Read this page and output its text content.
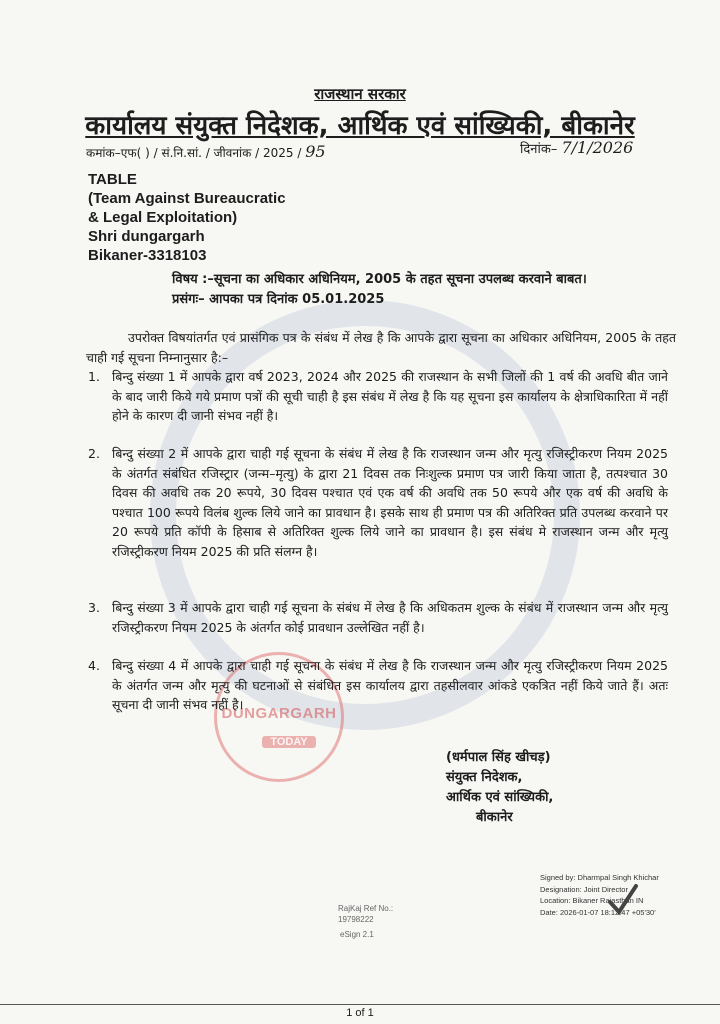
DUNGARGARH
TODAY
राजस्थान सरकार
कार्यालय संयुक्त निदेशक, आर्थिक एवं सांख्यिकी, बीकानेर
कमांक–एफ( ) / सं.नि.सां. / जीवनांक / 2025 / 95	दिनांक– 7/1/2026
TABLE
(Team Against Bureaucratic
& Legal Exploitation)
Shri dungargarh
Bikaner-3318103
विषय :–सूचना का अधिकार अधिनियम, 2005 के तहत सूचना उपलब्ध करवाने बाबत।
प्रसंगः– आपका पत्र दिनांक 05.01.2025
उपरोक्त विषयांतर्गत एवं प्रासंगिक पत्र के संबंध में लेख है कि आपके द्वारा सूचना का अधिकार अधिनियम, 2005 के तहत चाही गई सूचना निम्नानुसार है:–
1. बिन्दु संख्या 1 में आपके द्वारा वर्ष 2023, 2024 और 2025 की राजस्थान के सभी जिलों की 1 वर्ष की अवधि बीत जाने के बाद जारी किये गये प्रमाण पत्रों की सूची चाही है इस संबंध में लेख है कि यह सूचना इस कार्यालय के क्षेत्राधिकारिता में नहीं होने के कारण दी जानी संभव नहीं है।
2. बिन्दु संख्या 2 में आपके द्वारा चाही गई सूचना के संबंध में लेख है कि राजस्थान जन्म और मृत्यु रजिस्ट्रीकरण नियम 2025 के अंतर्गत संबंधित रजिस्ट्रार (जन्म–मृत्यु) के द्वारा 21 दिवस तक निःशुल्क प्रमाण पत्र जारी किया जाता है, तत्पश्चात 30 दिवस की अवधि तक 20 रूपये, 30 दिवस पश्चात एवं एक वर्ष की अवधि तक 50 रूपये और एक वर्ष की अवधि के पश्चात 100 रूपये विलंब शुल्क लिये जाने का प्रावधान है। इसके साथ ही प्रमाण पत्र की अतिरिक्त प्रति उपलब्ध करवाने पर 20 रूपये प्रति कॉपी के हिसाब से अतिरिक्त शुल्क लिये जाने का प्रावधान है। इस संबंध मे राजस्थान जन्म और मृत्यु रजिस्ट्रीकरण नियम 2025 की प्रति संलग्न है।
3. बिन्दु संख्या 3 में आपके द्वारा चाही गई सूचना के संबंध में लेख है कि अधिकतम शुल्क के संबंध में राजस्थान जन्म और मृत्यु रजिस्ट्रीकरण नियम 2025 के अंतर्गत कोई प्रावधान उल्लेखित नहीं है।
4. बिन्दु संख्या 4 में आपके द्वारा चाही गई सूचना के संबंध में लेख है कि राजस्थान जन्म और मृत्यु रजिस्ट्रीकरण नियम 2025 के अंतर्गत जन्म और मृत्यु की घटनाओं से संबंधित इस कार्यालय द्वारा तहसीलवार आंकडे एकत्रित नहीं किये जाते हैं। अतः सूचना दी जानी संभव नहीं है।
(धर्मपाल सिंह खीचड़)
संयुक्त निदेशक,
आर्थिक एवं सांख्यिकी,
बीकानेर
Signed by: Dharmpal Singh Khichar
Designation: Joint Director
Location: Bikaner Rajasthan IN
Date: 2026-01-07 18:12:47 +05'30'
RajKaj Ref No.:
19798222
eSign 2.1
1 of 1
